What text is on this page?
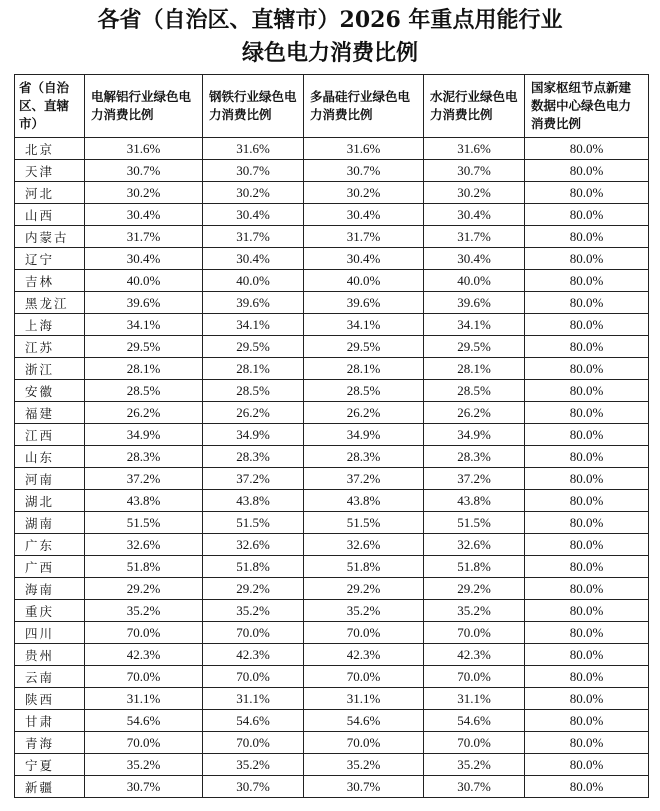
各省（自治区、直辖市）2026 年重点用能行业
绿色电力消费比例
省（自治区、直辖市）	电解铝行业绿色电力消费比例	钢铁行业绿色电力消费比例	多晶硅行业绿色电力消费比例	水泥行业绿色电力消费比例	国家枢纽节点新建数据中心绿色电力消费比例
北京	31.6%	31.6%	31.6%	31.6%	80.0%
天津	30.7%	30.7%	30.7%	30.7%	80.0%
河北	30.2%	30.2%	30.2%	30.2%	80.0%
山西	30.4%	30.4%	30.4%	30.4%	80.0%
内蒙古	31.7%	31.7%	31.7%	31.7%	80.0%
辽宁	30.4%	30.4%	30.4%	30.4%	80.0%
吉林	40.0%	40.0%	40.0%	40.0%	80.0%
黑龙江	39.6%	39.6%	39.6%	39.6%	80.0%
上海	34.1%	34.1%	34.1%	34.1%	80.0%
江苏	29.5%	29.5%	29.5%	29.5%	80.0%
浙江	28.1%	28.1%	28.1%	28.1%	80.0%
安徽	28.5%	28.5%	28.5%	28.5%	80.0%
福建	26.2%	26.2%	26.2%	26.2%	80.0%
江西	34.9%	34.9%	34.9%	34.9%	80.0%
山东	28.3%	28.3%	28.3%	28.3%	80.0%
河南	37.2%	37.2%	37.2%	37.2%	80.0%
湖北	43.8%	43.8%	43.8%	43.8%	80.0%
湖南	51.5%	51.5%	51.5%	51.5%	80.0%
广东	32.6%	32.6%	32.6%	32.6%	80.0%
广西	51.8%	51.8%	51.8%	51.8%	80.0%
海南	29.2%	29.2%	29.2%	29.2%	80.0%
重庆	35.2%	35.2%	35.2%	35.2%	80.0%
四川	70.0%	70.0%	70.0%	70.0%	80.0%
贵州	42.3%	42.3%	42.3%	42.3%	80.0%
云南	70.0%	70.0%	70.0%	70.0%	80.0%
陕西	31.1%	31.1%	31.1%	31.1%	80.0%
甘肃	54.6%	54.6%	54.6%	54.6%	80.0%
青海	70.0%	70.0%	70.0%	70.0%	80.0%
宁夏	35.2%	35.2%	35.2%	35.2%	80.0%
新疆	30.7%	30.7%	30.7%	30.7%	80.0%
